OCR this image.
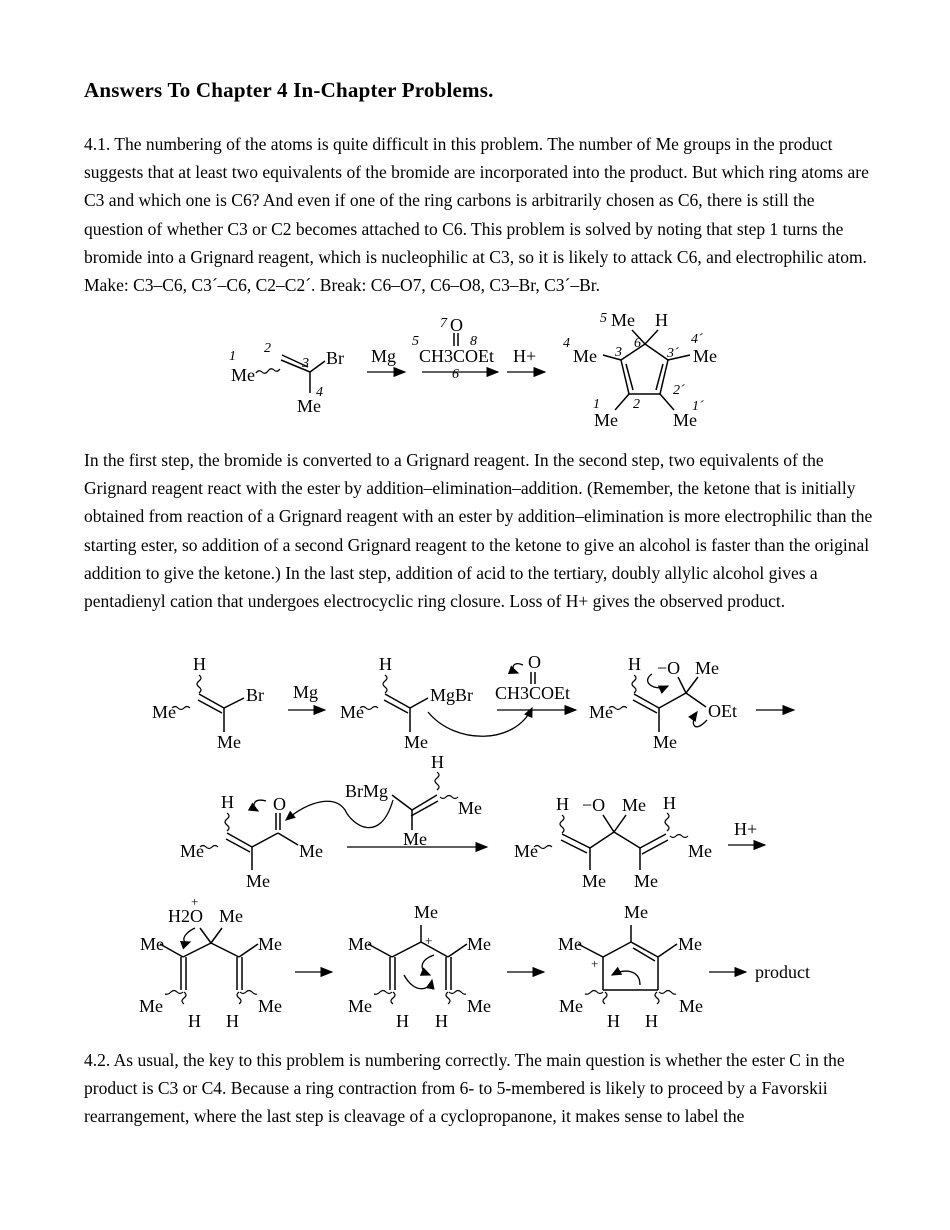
Answers To Chapter 4 In-Chapter Problems.

4.1. The numbering of the atoms is quite difficult in this problem. The number of Me groups in the product suggests that at least two equivalents of the bromide are incorporated into the product. But which ring atoms are C3 and which one is C6? And even if one of the ring carbons is arbitrarily chosen as C6, there is still the question of whether C3 or C2 becomes attached to C6. This problem is solved by noting that step 1 turns the bromide into a Grignard reagent, which is nucleophilic at C3, so it is likely to attack C6, and electrophilic atom. Make: C3–C6, C3´–C6, C2–C2´. Break: C6–O7, C6–O8, C3–Br, C3´–Br.

1
2
3
4
Me
Br
Me
Mg
7 O
5	8
CH3COEt
6
H+
5 Me H
4
Me 3
6
3´
4´
Me
1 2
2´
1´
Me	Me

In the first step, the bromide is converted to a Grignard reagent. In the second step, two equivalents of the Grignard reagent react with the ester by addition–elimination–addition. (Remember, the ketone that is initially obtained from reaction of a Grignard reagent with an ester by addition–elimination is more electrophilic than the starting ester, so addition of a second Grignard reagent to the ketone to give an alcohol is faster than the original addition to give the ketone.) In the last step, addition of acid to the tertiary, doubly allylic alcohol gives a pentadienyl cation that undergoes electrocyclic ring closure. Loss of H+ gives the observed product.

H
Me
Br
Me
Mg
H
Me
MgBr
Me
O
CH3COEt
H
Me
Me
−O Me
OEt
H
Me
Me
O
Me
BrMg
H
Me
Me
H
Me
Me
−O Me
Me
H
Me
H+
+
H2O Me
Me	Me
Me
H H
Me
Me
+
Me	Me
Me
H H
Me
Me
Me	Me
+
Me
H H
Me
product

4.2. As usual, the key to this problem is numbering correctly. The main question is whether the ester C in the product is C3 or C4. Because a ring contraction from 6- to 5-membered is likely to proceed by a Favorskii rearrangement, where the last step is cleavage of a cyclopropanone, it makes sense to label the
